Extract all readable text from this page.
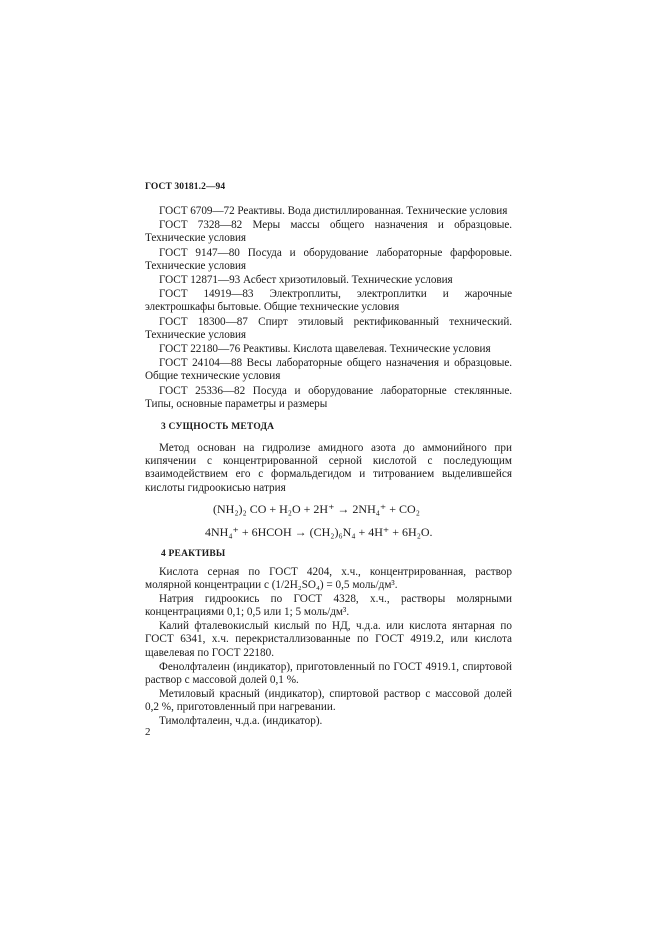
ГОСТ 30181.2—94

ГОСТ 6709—72 Реактивы. Вода дистиллированная. Технические условия

ГОСТ 7328—82 Меры массы общего назначения и образцовые. Технические условия

ГОСТ 9147—80 Посуда и оборудование лабораторные фарфоровые. Технические условия

ГОСТ 12871—93 Асбест хризотиловый. Технические условия

ГОСТ 14919—83 Электроплиты, электроплитки и жарочные электрошкафы бытовые. Общие технические условия

ГОСТ 18300—87 Спирт этиловый ректификованный технический. Технические условия

ГОСТ 22180—76 Реактивы. Кислота щавелевая. Технические условия

ГОСТ 24104—88 Весы лабораторные общего назначения и образцовые. Общие технические условия

ГОСТ 25336—82 Посуда и оборудование лабораторные стеклянные. Типы, основные параметры и размеры

3 СУЩНОСТЬ МЕТОДА

Метод основан на гидролизе амидного азота до аммонийного при кипячении с концентрированной серной кислотой с последующим взаимодействием его с формальдегидом и титрованием выделившейся кислоты гидроокисью натрия

(NH₂)₂ CO + H₂O + 2H⁺ → 2NH₄⁺ + CO₂
4NH₄⁺ + 6HCOH → (CH₂)₆N₄ + 4H⁺ + 6H₂O.
4 РЕАКТИВЫ

Кислота серная по ГОСТ 4204, х.ч., концентрированная, раствор молярной концентрации c (1/2H₂SO₄) = 0,5 моль/дм³.

Натрия гидроокись по ГОСТ 4328, х.ч., растворы молярными концентрациями 0,1; 0,5 или 1; 5 моль/дм³.

Калий фталевокислый кислый по НД, ч.д.а. или кислота янтарная по ГОСТ 6341, х.ч. перекристаллизованные по ГОСТ 4919.2, или кислота щавелевая по ГОСТ 22180.

Фенолфталеин (индикатор), приготовленный по ГОСТ 4919.1, спиртовой раствор с массовой долей 0,1 %.

Метиловый красный (индикатор), спиртовой раствор с массовой долей 0,2 %, приготовленный при нагревании.

Тимолфталеин, ч.д.а. (индикатор).

2
